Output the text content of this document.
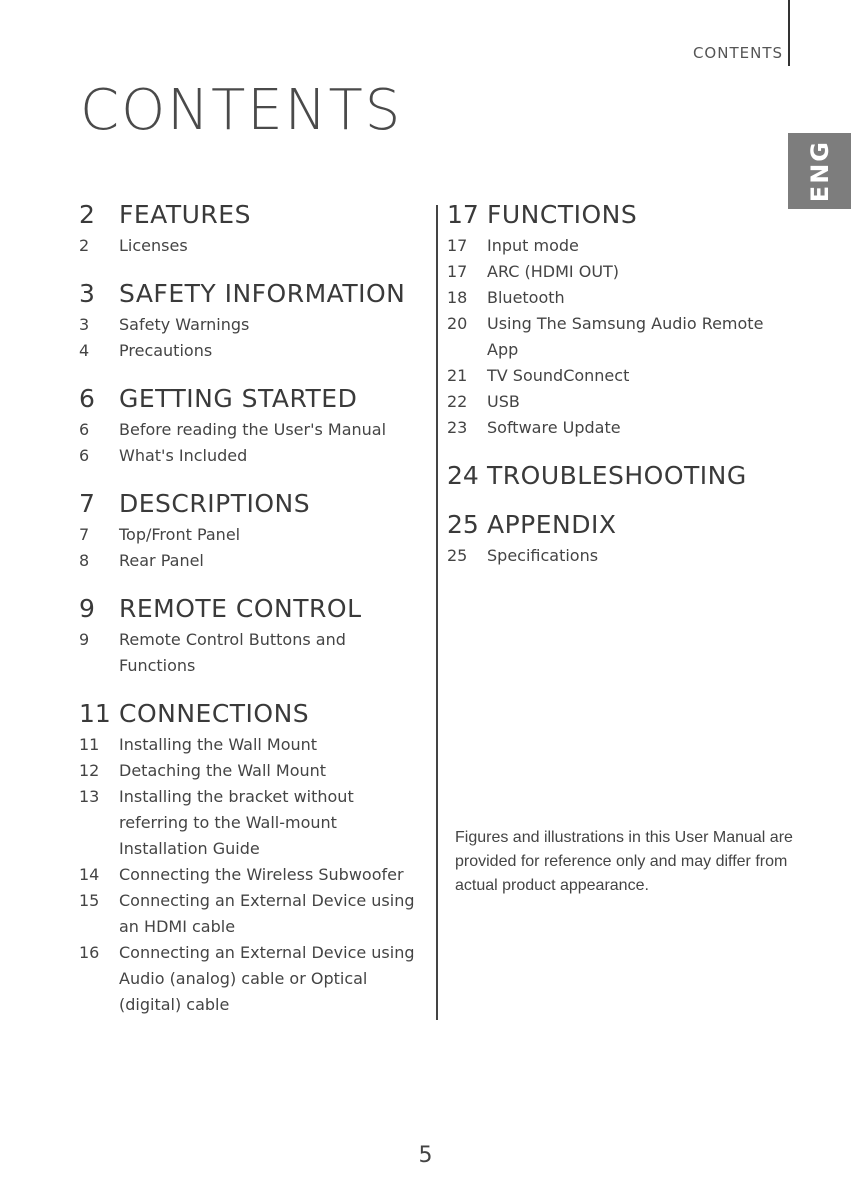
CONTENTS
CONTENTS
ENG
2 FEATURES
2	Licenses
3 SAFETY INFORMATION
3	Safety Warnings
4	Precautions
6 GETTING STARTED
6	Before reading the User's Manual
6	What's Included
7 DESCRIPTIONS
7	Top/Front Panel
8	Rear Panel
9 REMOTE CONTROL
9	Remote Control Buttons and Functions
11 CONNECTIONS
11	Installing the Wall Mount
12	Detaching the Wall Mount
13	Installing the bracket without referring to the Wall-mount Installation Guide
14	Connecting the Wireless Subwoofer
15	Connecting an External Device using an HDMI cable
16	Connecting an External Device using Audio (analog) cable or Optical (digital) cable
17 FUNCTIONS
17	Input mode
17	ARC (HDMI OUT)
18	Bluetooth
20	Using The Samsung Audio Remote App
21	TV SoundConnect
22	USB
23	Software Update
24 TROUBLESHOOTING
25 APPENDIX
25	Specifications
Figures and illustrations in this User Manual are provided for reference only and may differ from actual product appearance.
5
